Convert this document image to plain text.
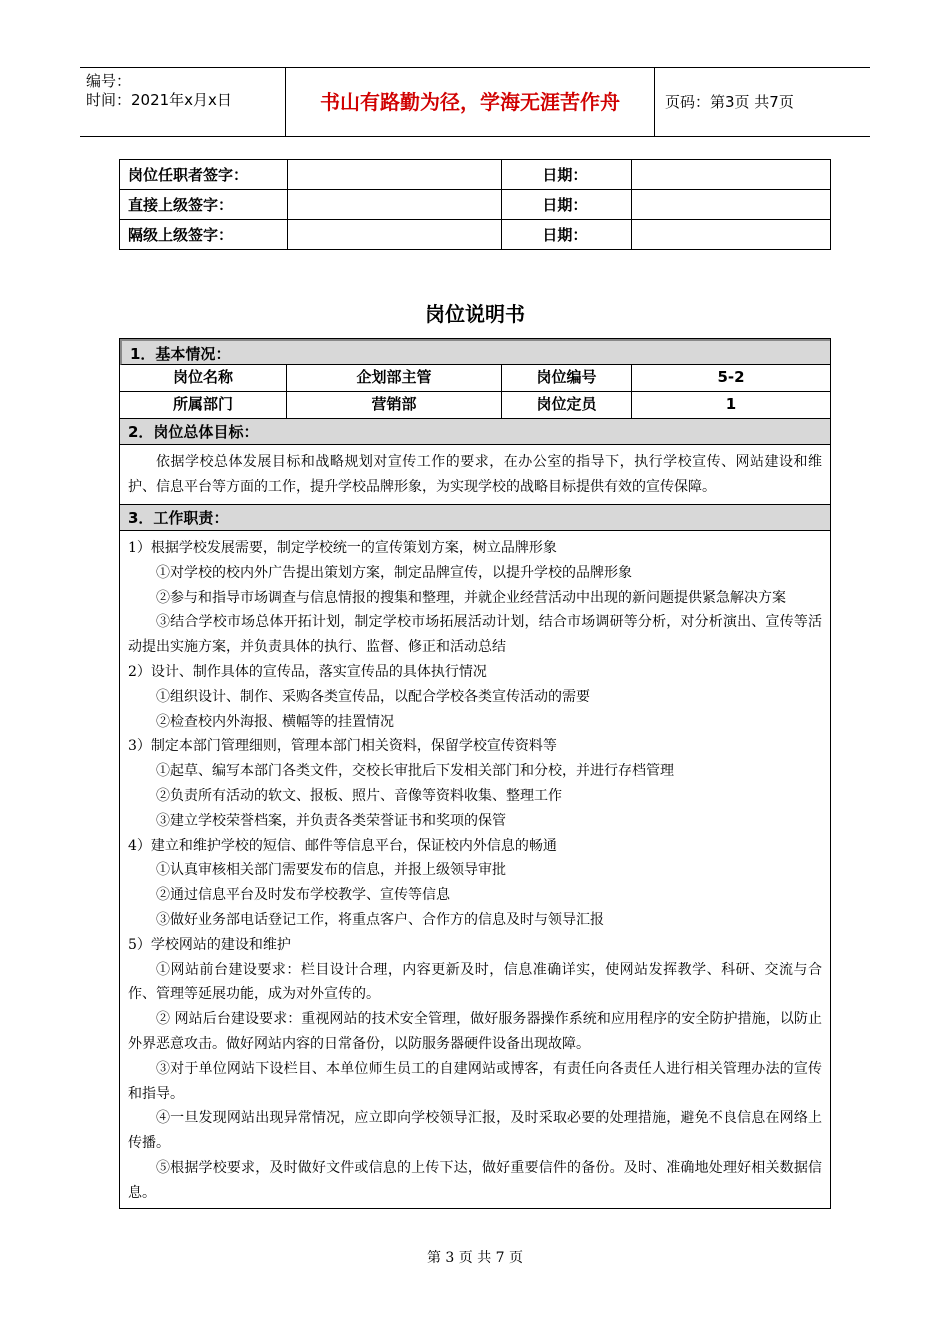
编号：
时间：2021年x月x日	书山有路勤为径，学海无涯苦作舟	页码：第3页 共7页
岗位任职者签字：		日期：	
直接上级签字：		日期：	
隔级上级签字：		日期：	
岗位说明书
1．基本情况：
岗位名称	企划部主管	岗位编号	5-2
所属部门	营销部	岗位定员	1
2．岗位总体目标：
依据学校总体发展目标和战略规划对宣传工作的要求，在办公室的指导下，执行学校宣传、网站建设和维护、信息平台等方面的工作，提升学校品牌形象，为实现学校的战略目标提供有效的宣传保障。
3．工作职责：

1）根据学校发展需要，制定学校统一的宣传策划方案，树立品牌形象

①对学校的校内外广告提出策划方案，制定品牌宣传，以提升学校的品牌形象

②参与和指导市场调查与信息情报的搜集和整理，并就企业经营活动中出现的新问题提供紧急解决方案

③结合学校市场总体开拓计划，制定学校市场拓展活动计划，结合市场调研等分析，对分析演出、宣传等活动提出实施方案，并负责具体的执行、监督、修正和活动总结

2）设计、制作具体的宣传品，落实宣传品的具体执行情况

①组织设计、制作、采购各类宣传品，以配合学校各类宣传活动的需要

②检查校内外海报、横幅等的挂置情况

3）制定本部门管理细则，管理本部门相关资料，保留学校宣传资料等

①起草、编写本部门各类文件，交校长审批后下发相关部门和分校，并进行存档管理

②负责所有活动的软文、报板、照片、音像等资料收集、整理工作

③建立学校荣誉档案，并负责各类荣誉证书和奖项的保管

4）建立和维护学校的短信、邮件等信息平台，保证校内外信息的畅通

①认真审核相关部门需要发布的信息，并报上级领导审批

②通过信息平台及时发布学校教学、宣传等信息

③做好业务部电话登记工作，将重点客户、合作方的信息及时与领导汇报

5）学校网站的建设和维护

①网站前台建设要求：栏目设计合理，内容更新及时，信息准确详实，使网站发挥教学、科研、交流与合作、管理等延展功能，成为对外宣传的。

② 网站后台建设要求：重视网站的技术安全管理，做好服务器操作系统和应用程序的安全防护措施，以防止外界恶意攻击。做好网站内容的日常备份，以防服务器硬件设备出现故障。

③对于单位网站下设栏目、本单位师生员工的自建网站或博客，有责任向各责任人进行相关管理办法的宣传和指导。

④一旦发现网站出现异常情况，应立即向学校领导汇报，及时采取必要的处理措施，避免不良信息在网络上传播。

⑤根据学校要求，及时做好文件或信息的上传下达，做好重要信件的备份。及时、准确地处理好相关数据信息。

第 3 页 共 7 页
